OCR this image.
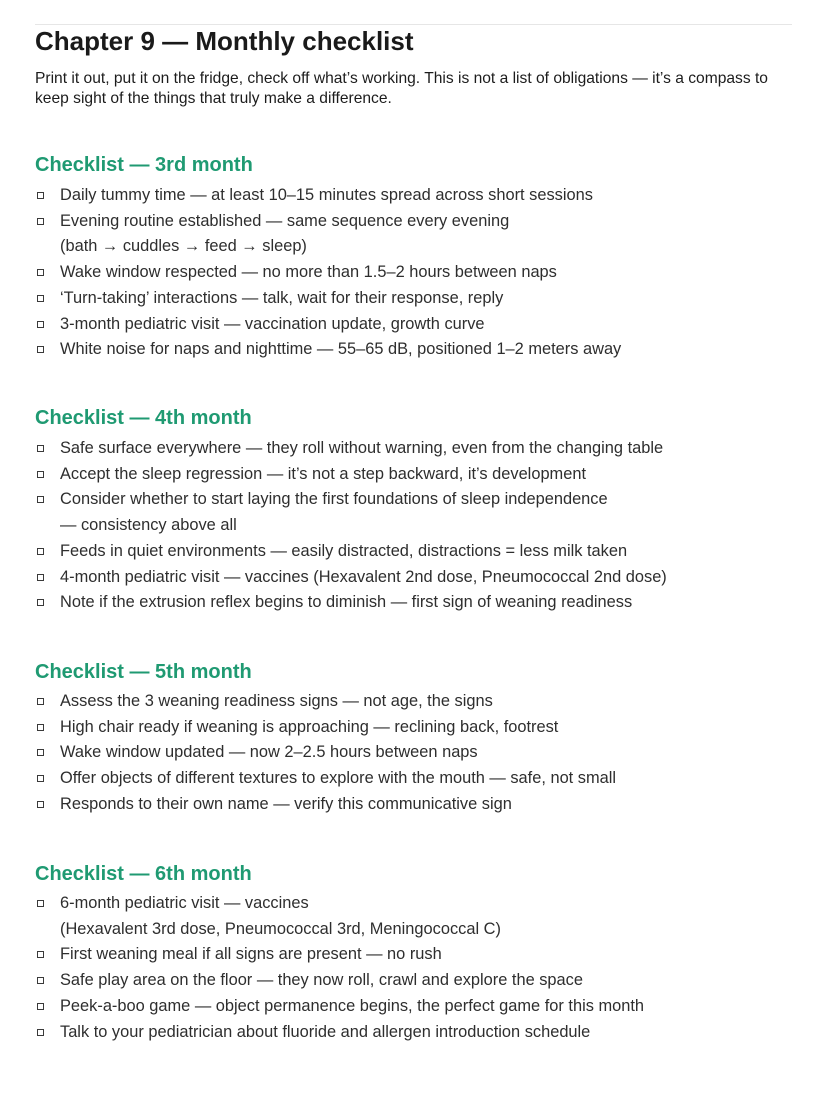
Chapter 9 — Monthly checklist

Print it out, put it on the fridge, check off what’s working. This is not a list of obligations — it’s a compass to keep sight of the things that truly make a difference.

Checklist — 3rd month
Daily tummy time — at least 10–15 minutes spread across short sessions
Evening routine established — same sequence every evening
(bath → cuddles → feed → sleep)
Wake window respected — no more than 1.5–2 hours between naps
‘Turn-taking’ interactions — talk, wait for their response, reply
3-month pediatric visit — vaccination update, growth curve
White noise for naps and nighttime — 55–65 dB, positioned 1–2 meters away
Checklist — 4th month
Safe surface everywhere — they roll without warning, even from the changing table
Accept the sleep regression — it’s not a step backward, it’s development
Consider whether to start laying the first foundations of sleep independence
— consistency above all
Feeds in quiet environments — easily distracted, distractions = less milk taken
4-month pediatric visit — vaccines (Hexavalent 2nd dose, Pneumococcal 2nd dose)
Note if the extrusion reflex begins to diminish — first sign of weaning readiness
Checklist — 5th month
Assess the 3 weaning readiness signs — not age, the signs
High chair ready if weaning is approaching — reclining back, footrest
Wake window updated — now 2–2.5 hours between naps
Offer objects of different textures to explore with the mouth — safe, not small
Responds to their own name — verify this communicative sign
Checklist — 6th month
6-month pediatric visit — vaccines
(Hexavalent 3rd dose, Pneumococcal 3rd, Meningococcal C)
First weaning meal if all signs are present — no rush
Safe play area on the floor — they now roll, crawl and explore the space
Peek-a-boo game — object permanence begins, the perfect game for this month
Talk to your pediatrician about fluoride and allergen introduction schedule
